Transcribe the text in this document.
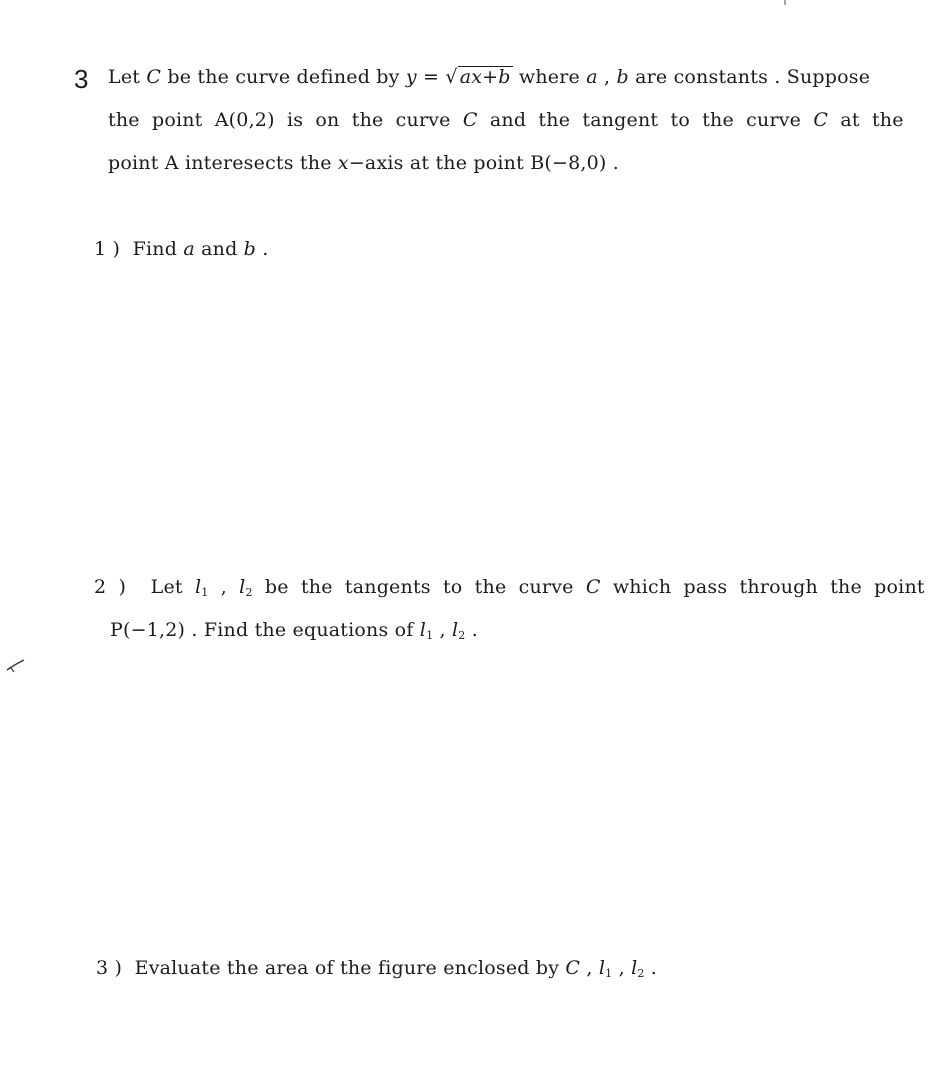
3 Let C be the curve defined by y = √ ax+b where a , b are constants . Suppose
the point A(0,2) is on the curve C and the tangent to the curve C at the
point A interesects the x−axis at the point B(−8,0) .
1 ) Find a and b .
2 ) Let $l_1$ , $l_2$ be the tangents to the curve C which pass through the point
P(−1,2) . Find the equations of $l_1$ , $l_2$ .
3 ) Evaluate the area of the figure enclosed by C , $l_1$ , $l_2$ .
